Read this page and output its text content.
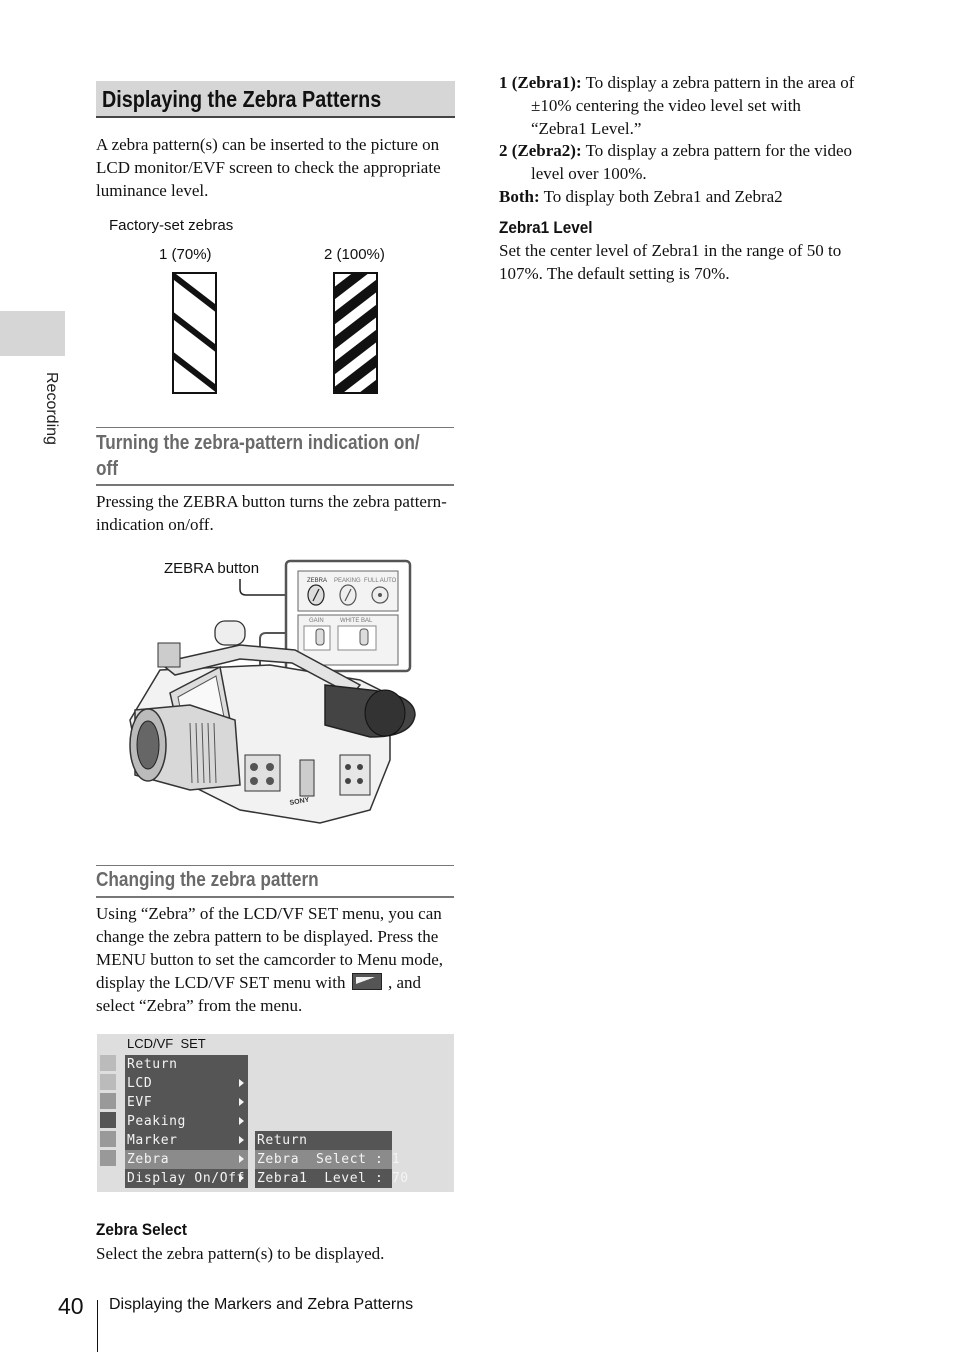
Recording
Displaying the Zebra Patterns
A zebra pattern(s) can be inserted to the picture on LCD monitor/EVF screen to check the appropriate luminance level.
Factory-set zebras
1 (70%)	2 (100%)
Turning the zebra-pattern indication on/
off
Pressing the ZEBRA button turns the zebra pattern-indication on/off.
ZEBRA button
ZEBRA PEAKING FULL AUTO
GAIN	WHITE BAL
SONY
Changing the zebra pattern
Using “Zebra” of the LCD/VF SET menu, you can change the zebra pattern to be displayed. Press the MENU button to set the camcorder to Menu mode, display the LCD/VF SET menu with	, and select “Zebra” from the menu.
LCD/VF  SET
Return
LCD
EVF
Peaking
Marker
Zebra
Display On/Off
Return
Zebra  Select : 1
Zebra1  Level : 70
Zebra Select
Select the zebra pattern(s) to be displayed.
1 (Zebra1): To display a zebra pattern in the area of ±10% centering the video level set with “Zebra1 Level.”
2 (Zebra2): To display a zebra pattern for the video level over 100%.
Both: To display both Zebra1 and Zebra2
Zebra1 Level
Set the center level of Zebra1 in the range of 50 to 107%. The default setting is 70%.
40 Displaying the Markers and Zebra Patterns
